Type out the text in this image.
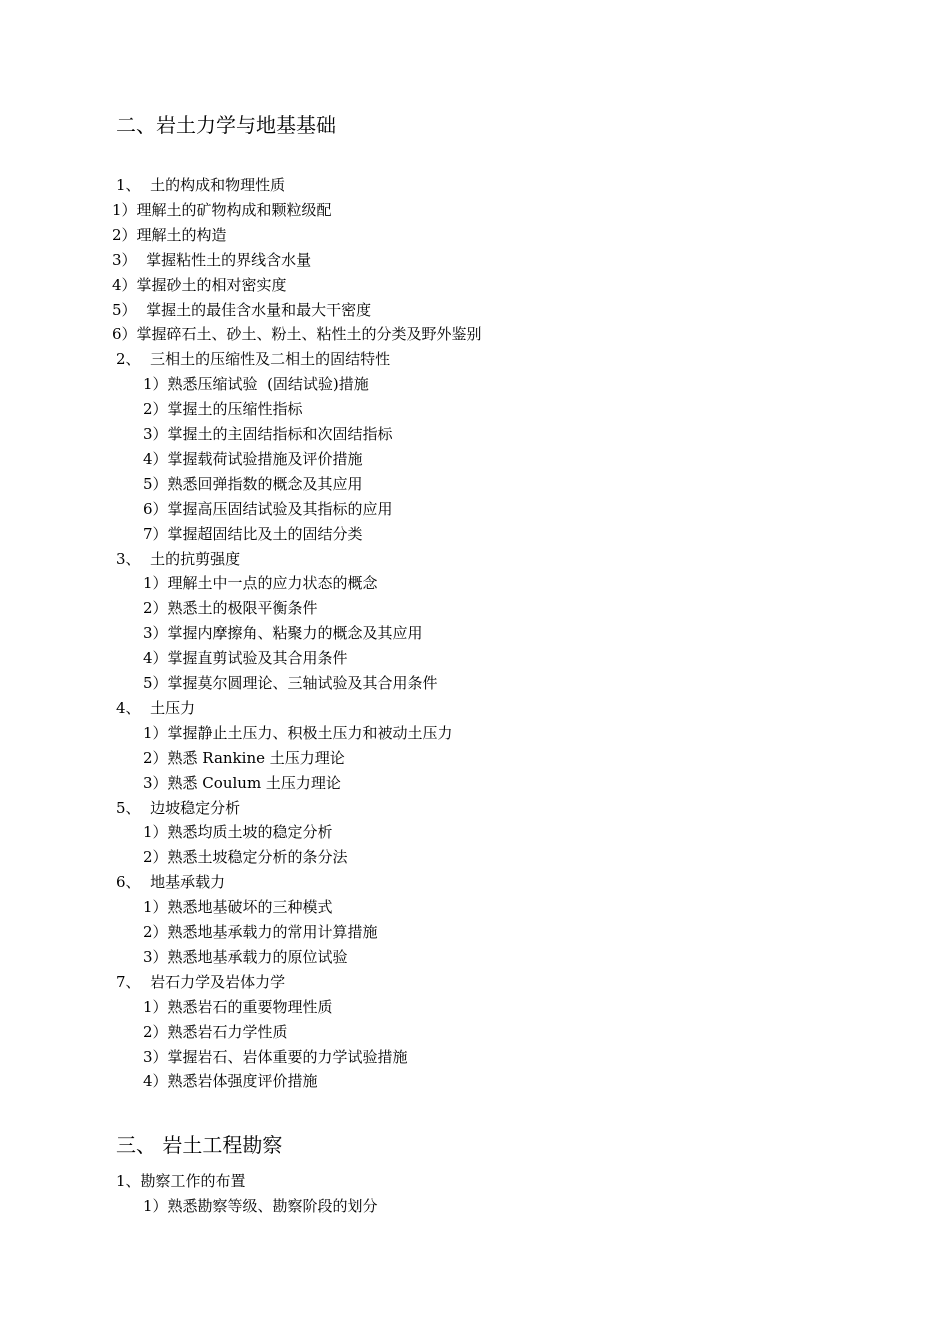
二、岩土力学与地基基础
1、  土的构成和物理性质
1）理解土的矿物构成和颗粒级配
2）理解土的构造
3）  掌握粘性土的界线含水量
4）掌握砂土的相对密实度
5）  掌握土的最佳含水量和最大干密度
6）掌握碎石土、砂土、粉土、粘性土的分类及野外鉴别
2、  三相土的压缩性及二相土的固结特性
1）熟悉压缩试验  (固结试验)措施
2）掌握土的压缩性指标
3）掌握土的主固结指标和次固结指标
4）掌握载荷试验措施及评价措施
5）熟悉回弹指数的概念及其应用
6）掌握高压固结试验及其指标的应用
7）掌握超固结比及土的固结分类
3、  土的抗剪强度
1）理解土中一点的应力状态的概念
2）熟悉土的极限平衡条件
3）掌握内摩擦角、粘聚力的概念及其应用
4）掌握直剪试验及其合用条件
5）掌握莫尔圆理论、三轴试验及其合用条件
4、  土压力
1）掌握静止土压力、积极土压力和被动土压力
2）熟悉 Rankine 土压力理论
3）熟悉 Coulum 土压力理论
5、  边坡稳定分析
1）熟悉均质土坡的稳定分析
2）熟悉土坡稳定分析的条分法
6、  地基承载力
1）熟悉地基破坏的三种模式
2）熟悉地基承载力的常用计算措施
3）熟悉地基承载力的原位试验
7、  岩石力学及岩体力学
1）熟悉岩石的重要物理性质
2）熟悉岩石力学性质
3）掌握岩石、岩体重要的力学试验措施
4）熟悉岩体强度评价措施
三、 岩土工程勘察
1、勘察工作的布置
1）熟悉勘察等级、勘察阶段的划分
